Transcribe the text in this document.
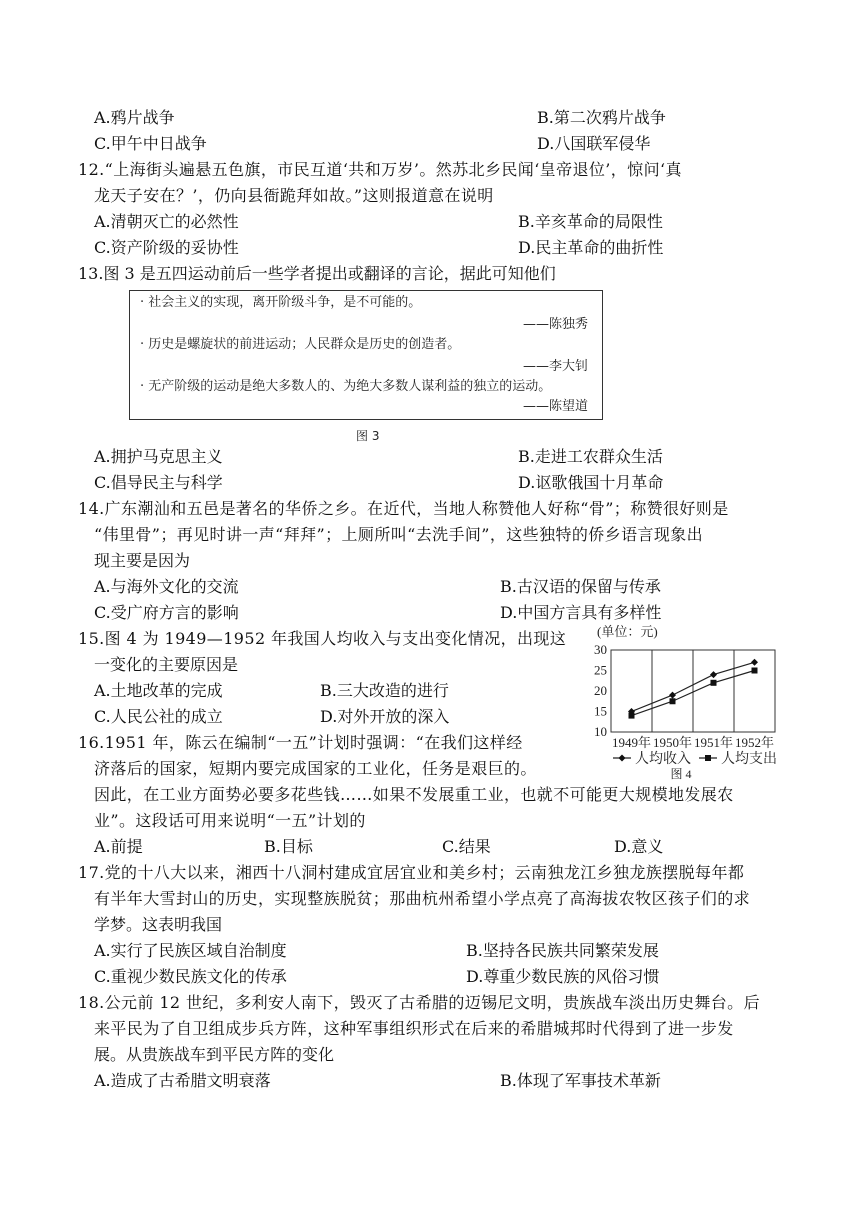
A.鸦片战争	B.第二次鸦片战争
C.甲午中日战争	D.八国联军侵华
12.“上海街头遍悬五色旗，市民互道‘共和万岁’。然苏北乡民闻‘皇帝退位’，惊问‘真
龙天子安在？’，仍向县衙跪拜如故。”这则报道意在说明
A.清朝灭亡的必然性	B.辛亥革命的局限性
C.资产阶级的妥协性	D.民主革命的曲折性
13.图 3 是五四运动前后一些学者提出或翻译的言论，据此可知他们
· 社会主义的实现，离开阶级斗争，是不可能的。
——陈独秀
· 历史是螺旋状的前进运动；人民群众是历史的创造者。
——李大钊
· 无产阶级的运动是绝大多数人的、为绝大多数人谋利益的独立的运动。
——陈望道
图 3
A.拥护马克思主义	B.走进工农群众生活
C.倡导民主与科学	D.讴歌俄国十月革命
14.广东潮汕和五邑是著名的华侨之乡。在近代，当地人称赞他人好称“骨”；称赞很好则是
“伟里骨”；再见时讲一声“拜拜”；上厕所叫“去洗手间”，这些独特的侨乡语言现象出
现主要是因为
A.与海外文化的交流	B.古汉语的保留与传承
C.受广府方言的影响	D.中国方言具有多样性
15.图 4 为 1949—1952 年我国人均收入与支出变化情况，出现这
一变化的主要原因是
A.土地改革的完成	B.三大改造的进行
C.人民公社的成立	D.对外开放的深入
(单位：元)
10
15
20
25
30
1949年 1950年 1951年 1952年
人均收入 人均支出
图 4
16.1951 年，陈云在编制“一五”计划时强调：“在我们这样经
济落后的国家，短期内要完成国家的工业化，任务是艰巨的。
因此，在工业方面势必要多花些钱……如果不发展重工业，也就不可能更大规模地发展农
业”。这段话可用来说明“一五”计划的
A.前提	B.目标	C.结果	D.意义
17.党的十八大以来，湘西十八洞村建成宜居宜业和美乡村；云南独龙江乡独龙族摆脱每年都
有半年大雪封山的历史，实现整族脱贫；那曲杭州希望小学点亮了高海拔农牧区孩子们的求
学梦。这表明我国
A.实行了民族区域自治制度	B.坚持各民族共同繁荣发展
C.重视少数民族文化的传承	D.尊重少数民族的风俗习惯
18.公元前 12 世纪，多利安人南下，毁灭了古希腊的迈锡尼文明，贵族战车淡出历史舞台。后
来平民为了自卫组成步兵方阵，这种军事组织形式在后来的希腊城邦时代得到了进一步发
展。从贵族战车到平民方阵的变化
A.造成了古希腊文明衰落	B.体现了军事技术革新
